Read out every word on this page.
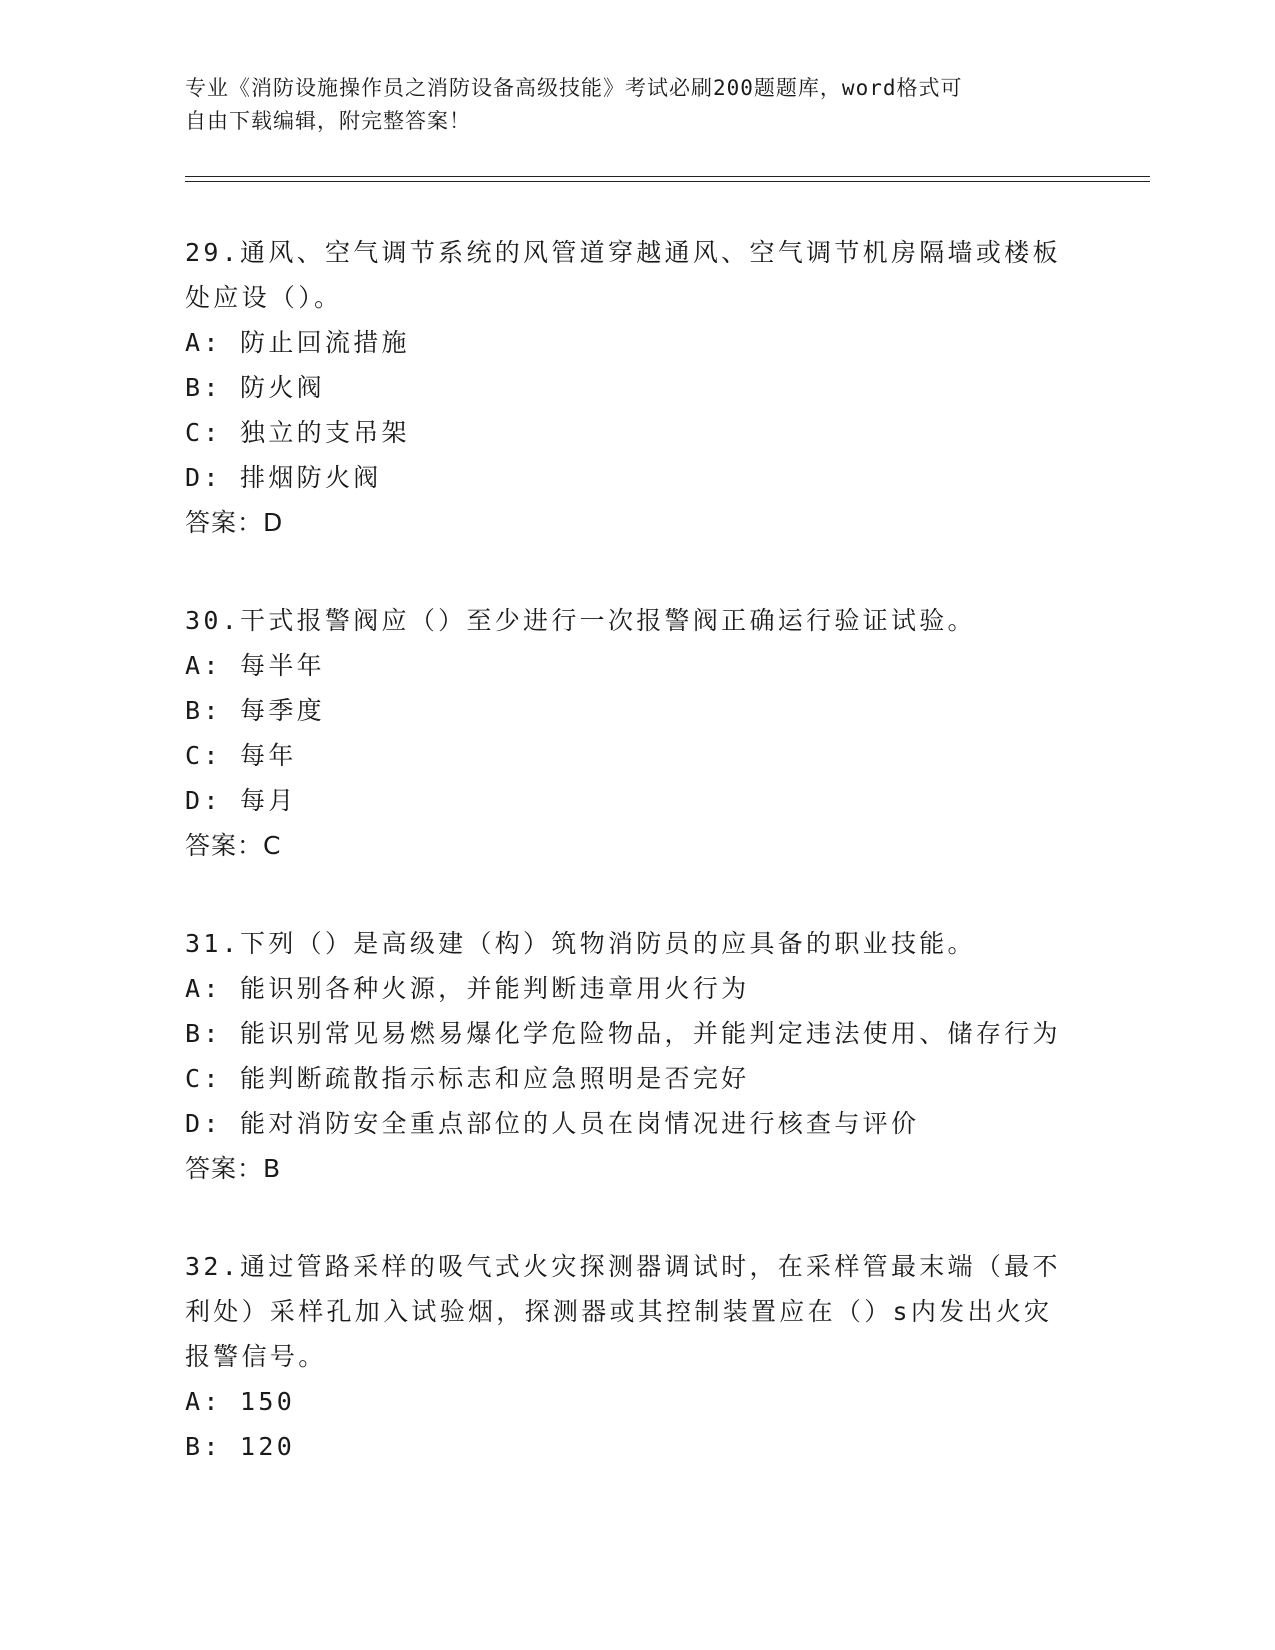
专业《消防设施操作员之消防设备高级技能》考试必刷200题题库，word格式可
自由下载编辑，附完整答案！
29.通风、空气调节系统的风管道穿越通风、空气调节机房隔墙或楼板
处应设（）。
A: 防止回流措施
B: 防火阀
C: 独立的支吊架
D: 排烟防火阀
答案：D
30.干式报警阀应（）至少进行一次报警阀正确运行验证试验。
A: 每半年
B: 每季度
C: 每年
D: 每月
答案：C
31.下列（）是高级建（构）筑物消防员的应具备的职业技能。
A: 能识别各种火源，并能判断违章用火行为
B: 能识别常见易燃易爆化学危险物品，并能判定违法使用、储存行为
C: 能判断疏散指示标志和应急照明是否完好
D: 能对消防安全重点部位的人员在岗情况进行核查与评价
答案：B
32.通过管路采样的吸气式火灾探测器调试时，在采样管最末端（最不
利处）采样孔加入试验烟，探测器或其控制装置应在（）s内发出火灾
报警信号。
A: 150
B: 120
